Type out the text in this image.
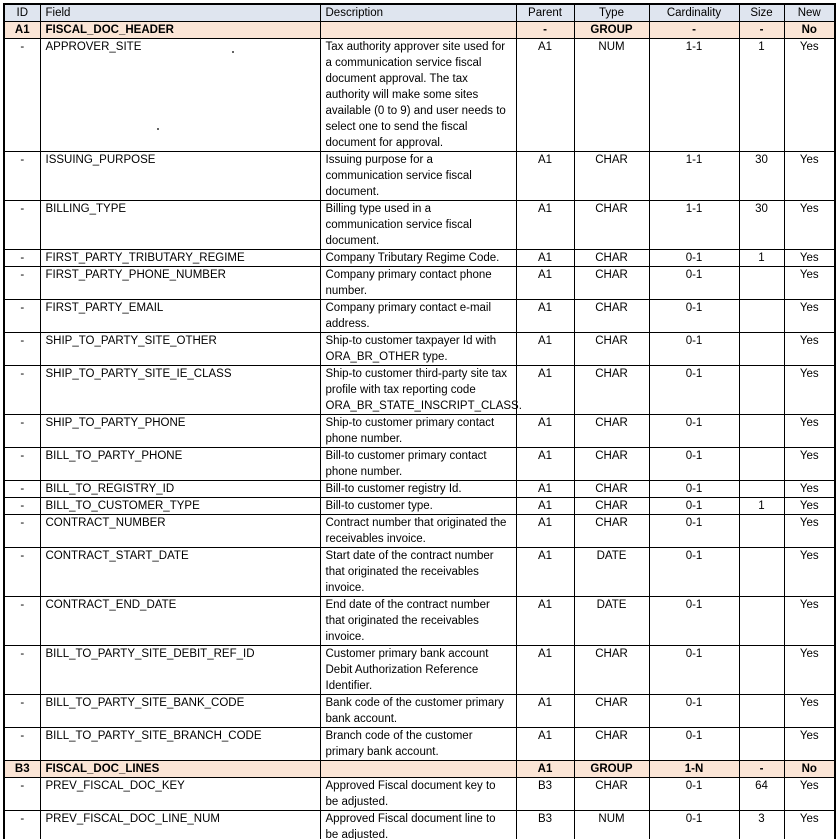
ID	Field	Description	Parent	Type	Cardinality	Size	New
A1	FISCAL_DOC_HEADER		-	GROUP	-	-	No
-	APPROVER_SITE	Tax authority approver site used for a communication service fiscal document approval. The tax authority will make some sites available (0 to 9) and user needs to select one to send the fiscal document for approval.	A1	NUM	1-1	1	Yes
-	ISSUING_PURPOSE	Issuing purpose for a communication service fiscal document.	A1	CHAR	1-1	30	Yes
-	BILLING_TYPE	Billing type used in a communication service fiscal document.	A1	CHAR	1-1	30	Yes
-	FIRST_PARTY_TRIBUTARY_REGIME	Company Tributary Regime Code.	A1	CHAR	0-1	1	Yes
-	FIRST_PARTY_PHONE_NUMBER	Company primary contact phone number.	A1	CHAR	0-1		Yes
-	FIRST_PARTY_EMAIL	Company primary contact e-mail address.	A1	CHAR	0-1		Yes
-	SHIP_TO_PARTY_SITE_OTHER	Ship-to customer taxpayer Id with ORA_BR_OTHER type.	A1	CHAR	0-1		Yes
-	SHIP_TO_PARTY_SITE_IE_CLASS	Ship-to customer third-party site tax profile with tax reporting code ORA_BR_STATE_INSCRIPT_CLASS.	A1	CHAR	0-1		Yes
-	SHIP_TO_PARTY_PHONE	Ship-to customer primary contact phone number.	A1	CHAR	0-1		Yes
-	BILL_TO_PARTY_PHONE	Bill-to customer primary contact phone number.	A1	CHAR	0-1		Yes
-	BILL_TO_REGISTRY_ID	Bill-to customer registry Id.	A1	CHAR	0-1		Yes
-	BILL_TO_CUSTOMER_TYPE	Bill-to customer type.	A1	CHAR	0-1	1	Yes
-	CONTRACT_NUMBER	Contract number that originated the receivables invoice.	A1	CHAR	0-1		Yes
-	CONTRACT_START_DATE	Start date of the contract number that originated the receivables invoice.	A1	DATE	0-1		Yes
-	CONTRACT_END_DATE	End date of the contract number that originated the receivables invoice.	A1	DATE	0-1		Yes
-	BILL_TO_PARTY_SITE_DEBIT_REF_ID	Customer primary bank account Debit Authorization Reference Identifier.	A1	CHAR	0-1		Yes
-	BILL_TO_PARTY_SITE_BANK_CODE	Bank code of the customer primary bank account.	A1	CHAR	0-1		Yes
-	BILL_TO_PARTY_SITE_BRANCH_CODE	Branch code of the customer primary bank account.	A1	CHAR	0-1		Yes
B3	FISCAL_DOC_LINES		A1	GROUP	1-N	-	No
-	PREV_FISCAL_DOC_KEY	Approved Fiscal document key to be adjusted.	B3	CHAR	0-1	64	Yes
-	PREV_FISCAL_DOC_LINE_NUM	Approved Fiscal document line to be adjusted.	B3	NUM	0-1	3	Yes
